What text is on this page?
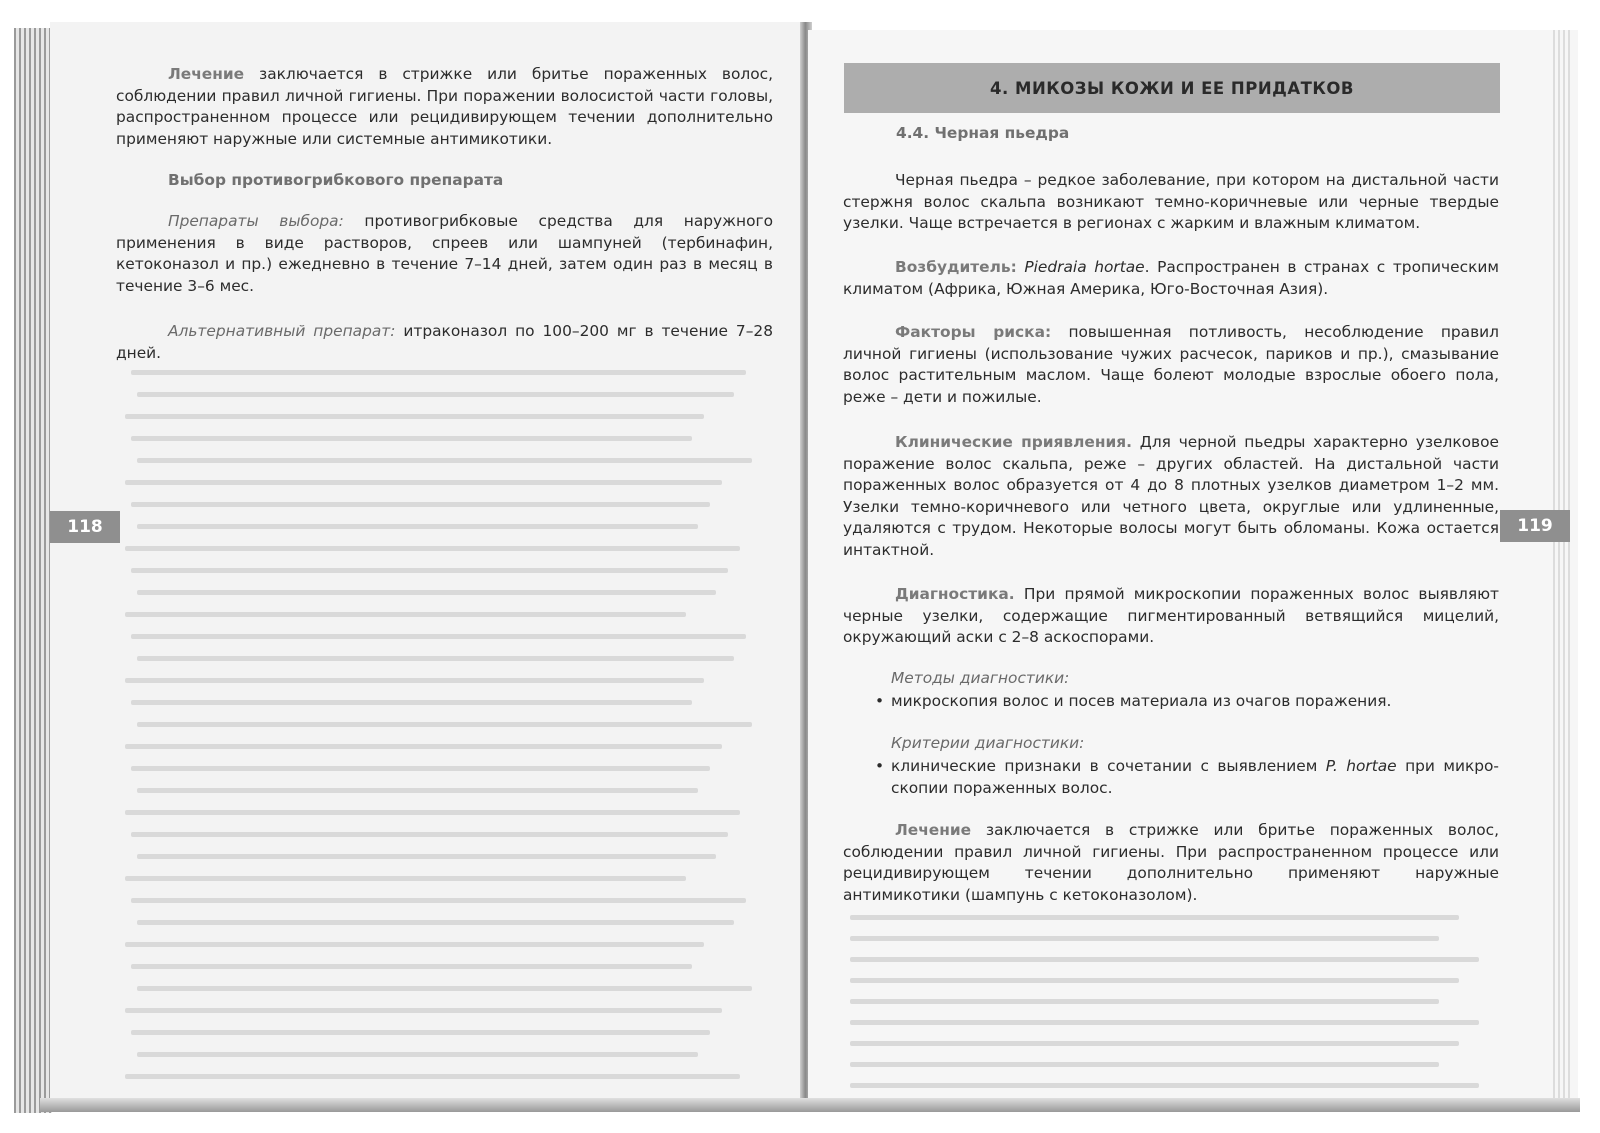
Лечение заключается в стрижке или бритье пораженных волос, соблюдении правил личной гигиены. При поражении волосистой части головы, распространенном процессе или рецидивирующем течении дополнительно применяют наружные или системные антимикотики.

Выбор противогрибкового препарата

Препараты выбора: противогрибковые средства для наружного применения в виде растворов, спреев или шампуней (тербинафин, кетоконазол и пр.) ежедневно в течение 7–14 дней, затем один раз в месяц в течение 3–6 мес.

Альтернативный препарат: итраконазол по 100–200 мг в течение 7–28 дней.

118
4. МИКОЗЫ КОЖИ И ЕЕ ПРИДАТКОВ
4.4. Черная пьедра

Черная пьедра – редкое заболевание, при котором на дистальной части стержня волос скальпа возникают темно-коричневые или черные твердые узелки. Чаще встречается в регионах с жарким и влажным климатом.

Возбудитель: Piedraia hortae. Распространен в странах с тропическим климатом (Африка, Южная Америка, Юго-Восточная Азия).

Факторы риска: повышенная потливость, несоблюдение правил личной гигиены (использование чужих расчесок, париков и пр.), смазывание волос растительным маслом. Чаще болеют молодые взрослые обоего пола, реже – дети и пожилые.

Клинические приявления. Для черной пьедры характерно узелковое поражение волос скальпа, реже – других областей. На дистальной части пораженных волос образуется от 4 до 8 плотных узелков диаметром 1–2 мм. Узелки темно-коричневого или четного цвета, округлые или удлиненные, удаляются с трудом. Некоторые волосы могут быть обломаны. Кожа остается интактной.

119

Диагностика. При прямой микроскопии пораженных волос выявляют черные узелки, содержащие пигментированный ветвящийся мицелий, окружающий аски с 2–8 аскоспорами.

Методы диагностики:

• микроскопия волос и посев материала из очагов поражения.

Критерии диагностики:

• клинические признаки в сочетании с выявлением P. hortae при микро-скопии пораженных волос.

Лечение заключается в стрижке или бритье пораженных волос, соблюдении правил личной гигиены. При распространенном процессе или рецидивирующем течении дополнительно применяют наружные антимикотики (шампунь с кетоконазолом).
